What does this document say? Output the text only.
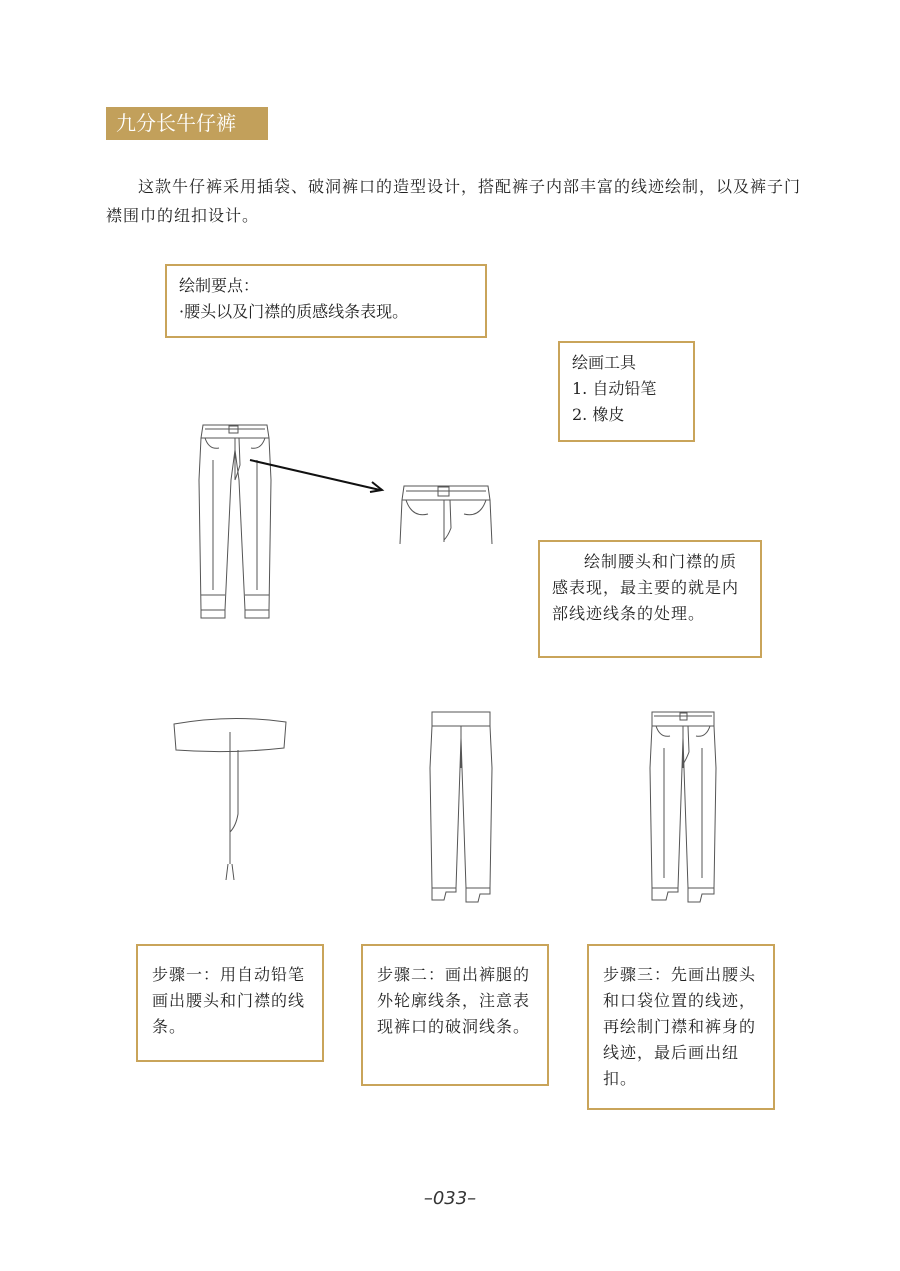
九分长牛仔裤
这款牛仔裤采用插袋、破洞裤口的造型设计，搭配裤子内部丰富的线迹绘制，以及裤子门襟围巾的纽扣设计。
绘制要点：
·腰头以及门襟的质感线条表现。
绘画工具
1. 自动铅笔
2. 橡皮

绘制腰头和门襟的质感表现，最主要的就是内部线迹线条的处理。

步骤一：用自动铅笔画出腰头和门襟的线条。

步骤二：画出裤腿的外轮廓线条，注意表现裤口的破洞线条。

步骤三：先画出腰头和口袋位置的线迹，再绘制门襟和裤身的线迹，最后画出纽扣。

–033–
